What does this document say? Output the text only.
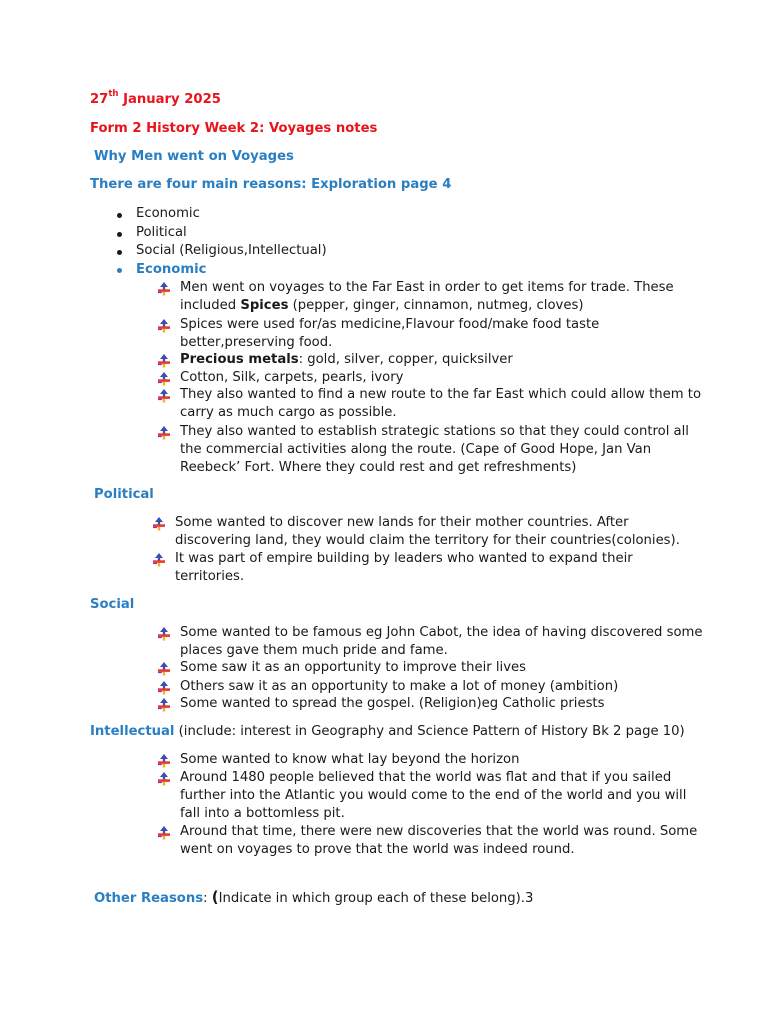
27th January 2025
Form 2 History Week 2: Voyages notes
Why Men went on Voyages
There are four main reasons: Exploration page 4
Economic
Political
Social (Religious,Intellectual)
Economic
Men went on voyages to the Far East in order to get items for trade. These
included Spices (pepper, ginger, cinnamon, nutmeg, cloves)
Spices were used for/as medicine,Flavour food/make food taste
better,preserving food.
Precious metals: gold, silver, copper, quicksilver
Cotton, Silk, carpets, pearls, ivory
They also wanted to find a new route to the far East which could allow them to
carry as much cargo as possible.
They also wanted to establish strategic stations so that they could control all
the commercial activities along the route. (Cape of Good Hope, Jan Van
Reebeck’ Fort. Where they could rest and get refreshments)
Political
Some wanted to discover new lands for their mother countries. After
discovering land, they would claim the territory for their countries(colonies).
It was part of empire building by leaders who wanted to expand their
territories.
Social
Some wanted to be famous eg John Cabot, the idea of having discovered some
places gave them much pride and fame.
Some saw it as an opportunity to improve their lives
Others saw it as an opportunity to make a lot of money (ambition)
Some wanted to spread the gospel. (Religion)eg Catholic priests
Intellectual (include: interest in Geography and Science Pattern of History Bk 2 page 10)
Some wanted to know what lay beyond the horizon
Around 1480 people believed that the world was flat and that if you sailed
further into the Atlantic you would come to the end of the world and you will
fall into a bottomless pit.
Around that time, there were new discoveries that the world was round. Some
went on voyages to prove that the world was indeed round.
Other Reasons: (Indicate in which group each of these belong).3
